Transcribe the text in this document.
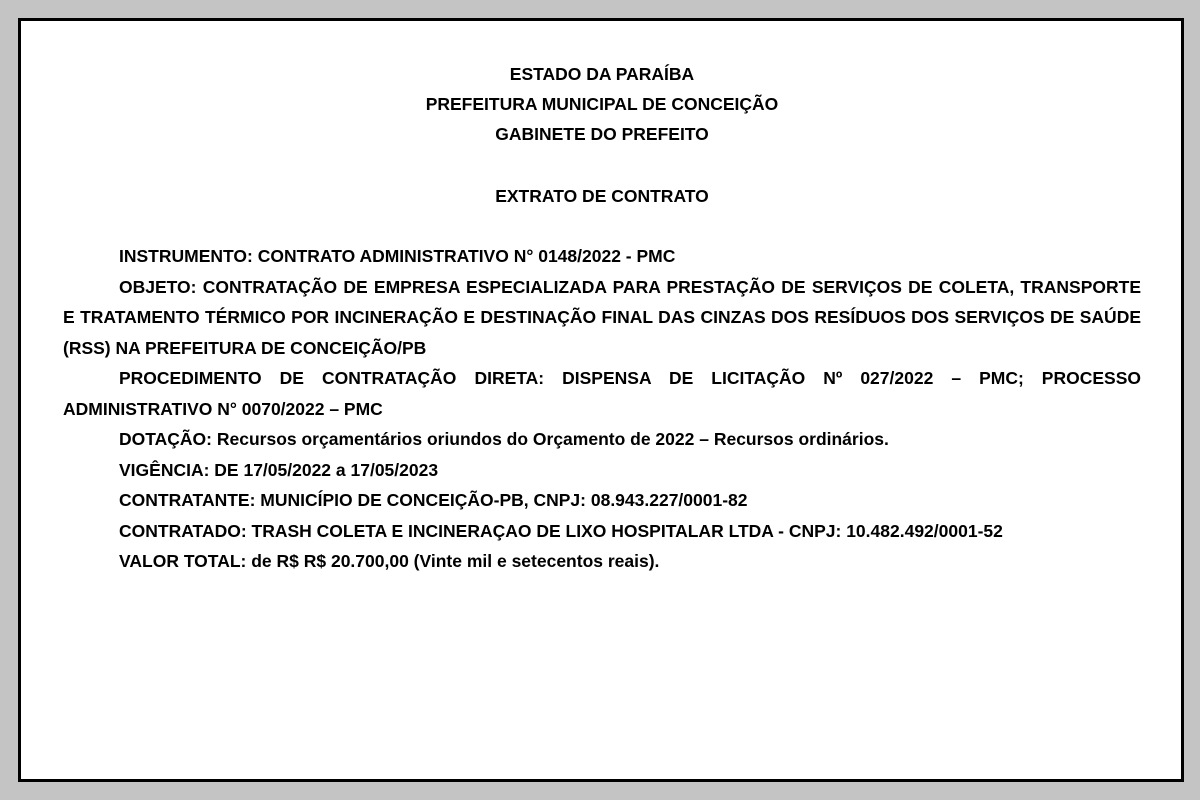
ESTADO DA PARAÍBA

PREFEITURA MUNICIPAL DE CONCEIÇÃO

GABINETE DO PREFEITO

EXTRATO DE CONTRATO

INSTRUMENTO: CONTRATO ADMINISTRATIVO N° 0148/2022 - PMC

OBJETO: CONTRATAÇÃO DE EMPRESA ESPECIALIZADA PARA PRESTAÇÃO DE SERVIÇOS DE COLETA, TRANSPORTE E TRATAMENTO TÉRMICO POR INCINERAÇÃO E DESTINAÇÃO FINAL DAS CINZAS DOS RESÍDUOS DOS SERVIÇOS DE SAÚDE (RSS) NA PREFEITURA DE CONCEIÇÃO/PB

PROCEDIMENTO DE CONTRATAÇÃO DIRETA: DISPENSA DE LICITAÇÃO Nº 027/2022 – PMC; PROCESSO ADMINISTRATIVO N° 0070/2022 – PMC

DOTAÇÃO: Recursos orçamentários oriundos do Orçamento de 2022 – Recursos ordinários.

VIGÊNCIA: DE 17/05/2022 a 17/05/2023

CONTRATANTE: MUNICÍPIO DE CONCEIÇÃO-PB, CNPJ: 08.943.227/0001-82

CONTRATADO: TRASH COLETA E INCINERAÇAO DE LIXO HOSPITALAR LTDA - CNPJ: 10.482.492/0001-52

VALOR TOTAL: de R$ R$ 20.700,00 (Vinte mil e setecentos reais).
